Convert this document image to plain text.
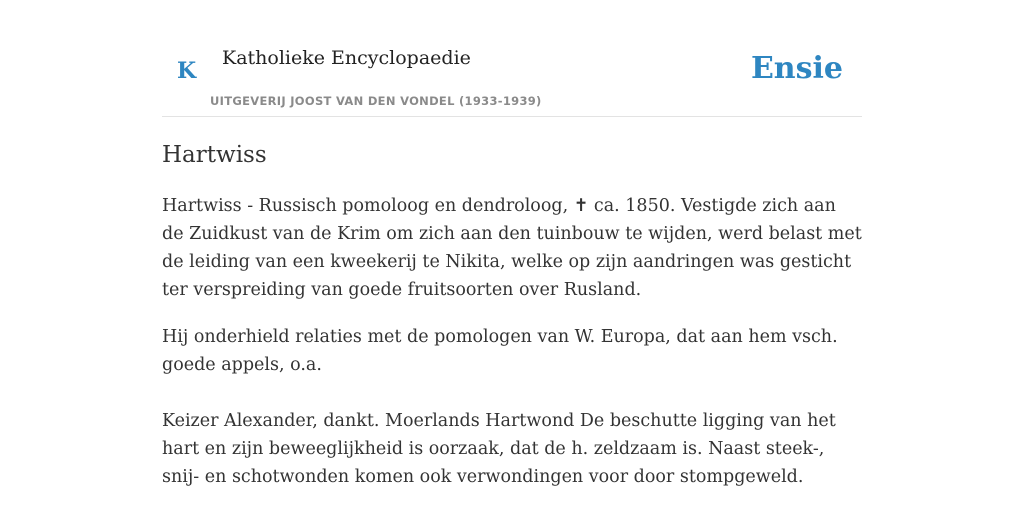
K Katholieke Encyclopaedie
UITGEVERIJ JOOST VAN DEN VONDEL (1933-1939)
Ensie
Hartwiss

Hartwiss - Russisch pomoloog en dendroloog, ✝ ca. 1850. Vestigde zich aan de Zuidkust van de Krim om zich aan den tuinbouw te wijden, werd belast met de leiding van een kweekerij te Nikita, welke op zijn aandringen was gesticht ter verspreiding van goede fruitsoorten over Rusland.

Hij onderhield relaties met de pomologen van W. Europa, dat aan hem vsch. goede appels, o.a.

Keizer Alexander, dankt. Moerlands Hartwond De beschutte ligging van het hart en zijn beweeglijkheid is oorzaak, dat de h. zeldzaam is. Naast steek-, snij- en schotwonden komen ook verwondingen voor door stompgeweld.
